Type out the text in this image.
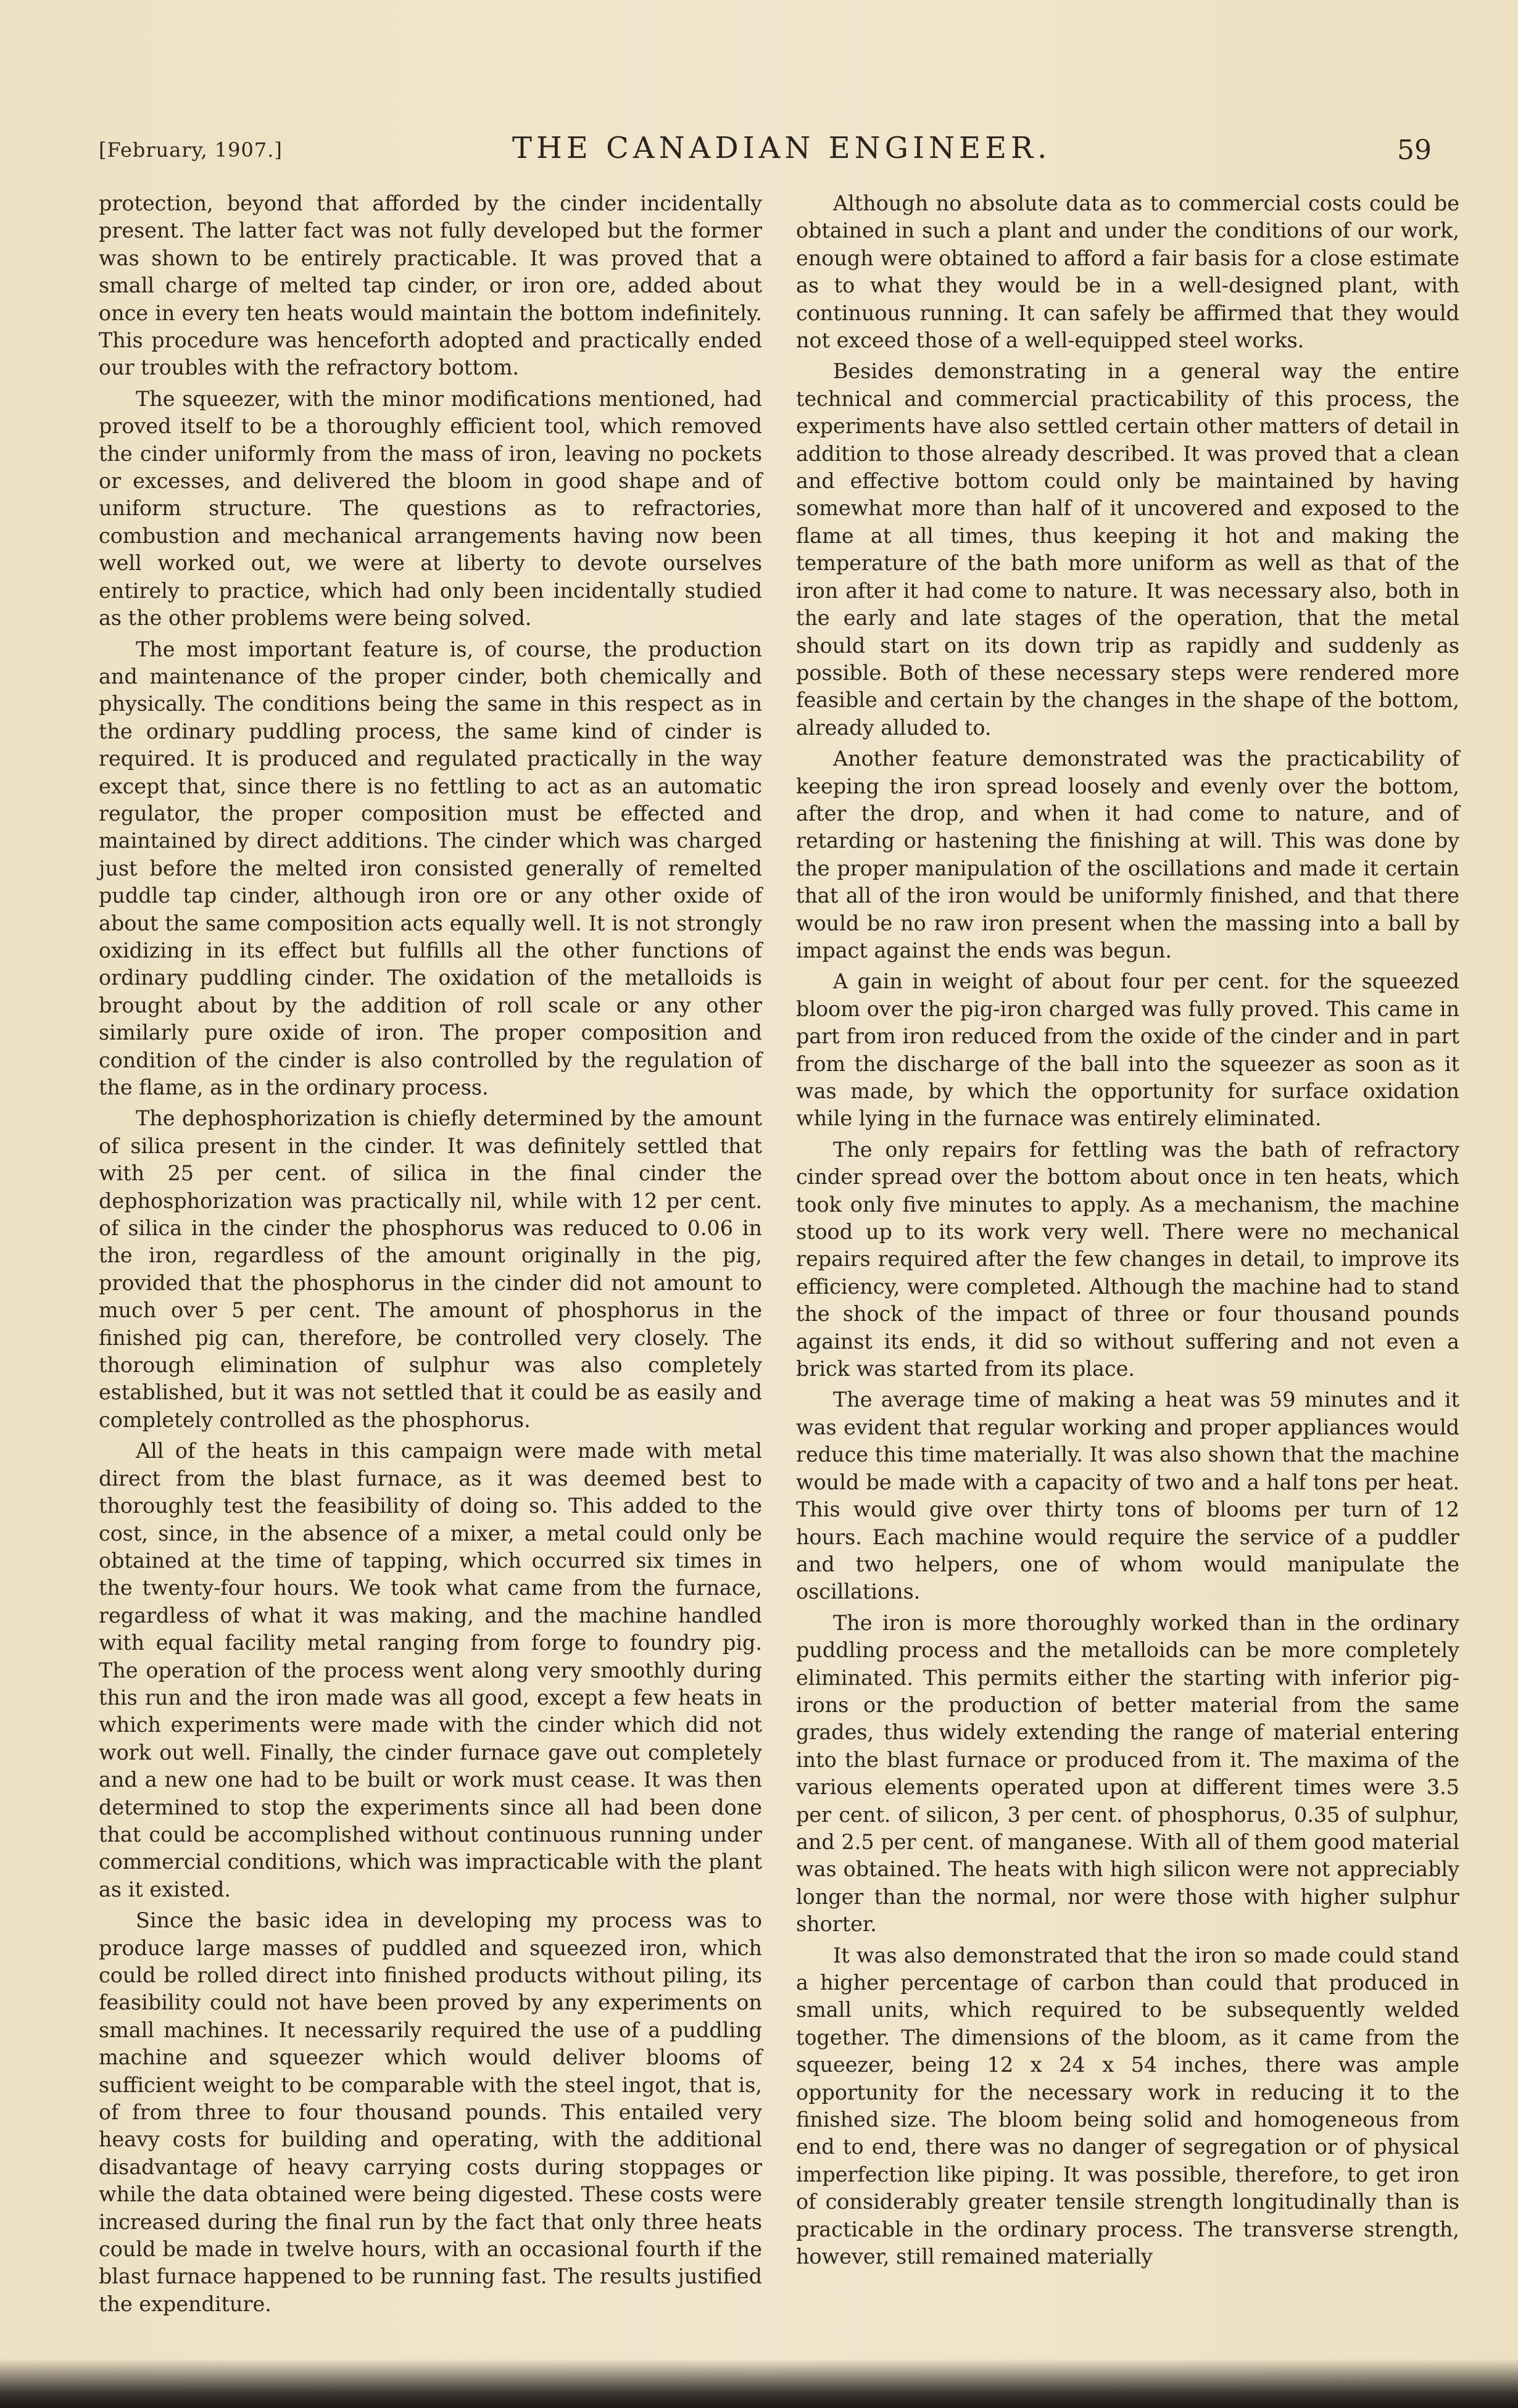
[February, 1907.]	THE CANADIAN ENGINEER.	59

protection, beyond that afforded by the cinder incidentally present. The latter fact was not fully developed but the former was shown to be entirely practicable. It was proved that a small charge of melted tap cinder, or iron ore, added about once in every ten heats would maintain the bottom indefinitely. This procedure was henceforth adopted and practically ended our troubles with the refractory bottom.

The squeezer, with the minor modifications mentioned, had proved itself to be a thoroughly efficient tool, which removed the cinder uniformly from the mass of iron, leaving no pockets or excesses, and delivered the bloom in good shape and of uniform structure. The questions as to refractories, combustion and mechanical arrangements having now been well worked out, we were at liberty to devote ourselves entirely to practice, which had only been incidentally studied as the other problems were being solved.

The most important feature is, of course, the production and maintenance of the proper cinder, both chemically and physically. The conditions being the same in this respect as in the ordinary puddling process, the same kind of cinder is required. It is produced and regulated practically in the way except that, since there is no fettling to act as an automatic regulator, the proper composition must be effected and maintained by direct additions. The cinder which was charged just before the melted iron consisted generally of remelted puddle tap cinder, although iron ore or any other oxide of about the same composition acts equally well. It is not strongly oxidizing in its effect but fulfills all the other functions of ordinary puddling cinder. The oxidation of the metalloids is brought about by the addition of roll scale or any other similarly pure oxide of iron. The proper composition and condition of the cinder is also controlled by the regulation of the flame, as in the ordinary process.

The dephosphorization is chiefly determined by the amount of silica present in the cinder. It was definitely settled that with 25 per cent. of silica in the final cinder the dephosphorization was practically nil, while with 12 per cent. of silica in the cinder the phosphorus was reduced to 0.06 in the iron, regardless of the amount originally in the pig, provided that the phosphorus in the cinder did not amount to much over 5 per cent. The amount of phosphorus in the finished pig can, therefore, be controlled very closely. The thorough elimination of sulphur was also completely established, but it was not settled that it could be as easily and completely controlled as the phosphorus.

All of the heats in this campaign were made with metal direct from the blast furnace, as it was deemed best to thoroughly test the feasibility of doing so. This added to the cost, since, in the absence of a mixer, a metal could only be obtained at the time of tapping, which occurred six times in the twenty-four hours. We took what came from the furnace, regardless of what it was making, and the machine handled with equal facility metal ranging from forge to foundry pig. The operation of the process went along very smoothly during this run and the iron made was all good, except a few heats in which experiments were made with the cinder which did not work out well. Finally, the cinder furnace gave out completely and a new one had to be built or work must cease. It was then determined to stop the experiments since all had been done that could be accomplished without continuous running under commercial conditions, which was impracticable with the plant as it existed.

Since the basic idea in developing my process was to produce large masses of puddled and squeezed iron, which could be rolled direct into finished products without piling, its feasibility could not have been proved by any experiments on small machines. It necessarily required the use of a puddling machine and squeezer which would deliver blooms of sufficient weight to be comparable with the steel ingot, that is, of from three to four thousand pounds. This entailed very heavy costs for building and operating, with the additional disadvantage of heavy carrying costs during stoppages or while the data obtained were being digested. These costs were increased during the final run by the fact that only three heats could be made in twelve hours, with an occasional fourth if the blast furnace happened to be running fast. The results justified the expenditure.

Although no absolute data as to commercial costs could be obtained in such a plant and under the conditions of our work, enough were obtained to afford a fair basis for a close estimate as to what they would be in a well-designed plant, with continuous running. It can safely be affirmed that they would not exceed those of a well-equipped steel works.

Besides demonstrating in a general way the entire technical and commercial practicability of this process, the experiments have also settled certain other matters of detail in addition to those already described. It was proved that a clean and effective bottom could only be maintained by having somewhat more than half of it uncovered and exposed to the flame at all times, thus keeping it hot and making the temperature of the bath more uniform as well as that of the iron after it had come to nature. It was necessary also, both in the early and late stages of the operation, that the metal should start on its down trip as rapidly and suddenly as possible. Both of these necessary steps were rendered more feasible and certain by the changes in the shape of the bottom, already alluded to.

Another feature demonstrated was the practicability of keeping the iron spread loosely and evenly over the bottom, after the drop, and when it had come to nature, and of retarding or hastening the finishing at will. This was done by the proper manipulation of the oscillations and made it certain that all of the iron would be uniformly finished, and that there would be no raw iron present when the massing into a ball by impact against the ends was begun.

A gain in weight of about four per cent. for the squeezed bloom over the pig-iron charged was fully proved. This came in part from iron reduced from the oxide of the cinder and in part from the discharge of the ball into the squeezer as soon as it was made, by which the opportunity for surface oxidation while lying in the furnace was entirely eliminated.

The only repairs for fettling was the bath of refractory cinder spread over the bottom about once in ten heats, which took only five minutes to apply. As a mechanism, the machine stood up to its work very well. There were no mechanical repairs required after the few changes in detail, to improve its efficiency, were completed. Although the machine had to stand the shock of the impact of three or four thousand pounds against its ends, it did so without suffering and not even a brick was started from its place.

The average time of making a heat was 59 minutes and it was evident that regular working and proper appliances would reduce this time materially. It was also shown that the machine would be made with a capacity of two and a half tons per heat. This would give over thirty tons of blooms per turn of 12 hours. Each machine would require the service of a puddler and two helpers, one of whom would manipulate the oscillations.

The iron is more thoroughly worked than in the ordinary puddling process and the metalloids can be more completely eliminated. This permits either the starting with inferior pig-irons or the production of better material from the same grades, thus widely extending the range of material entering into the blast furnace or produced from it. The maxima of the various elements operated upon at different times were 3.5 per cent. of silicon, 3 per cent. of phosphorus, 0.35 of sulphur, and 2.5 per cent. of manganese. With all of them good material was obtained. The heats with high silicon were not appreciably longer than the normal, nor were those with higher sulphur shorter.

It was also demonstrated that the iron so made could stand a higher percentage of carbon than could that produced in small units, which required to be subsequently welded together. The dimensions of the bloom, as it came from the squeezer, being 12 x 24 x 54 inches, there was ample opportunity for the necessary work in reducing it to the finished size. The bloom being solid and homogeneous from end to end, there was no danger of segregation or of physical imperfection like piping. It was possible, therefore, to get iron of considerably greater tensile strength longitudinally than is practicable in the ordinary process. The transverse strength, however, still remained materially
